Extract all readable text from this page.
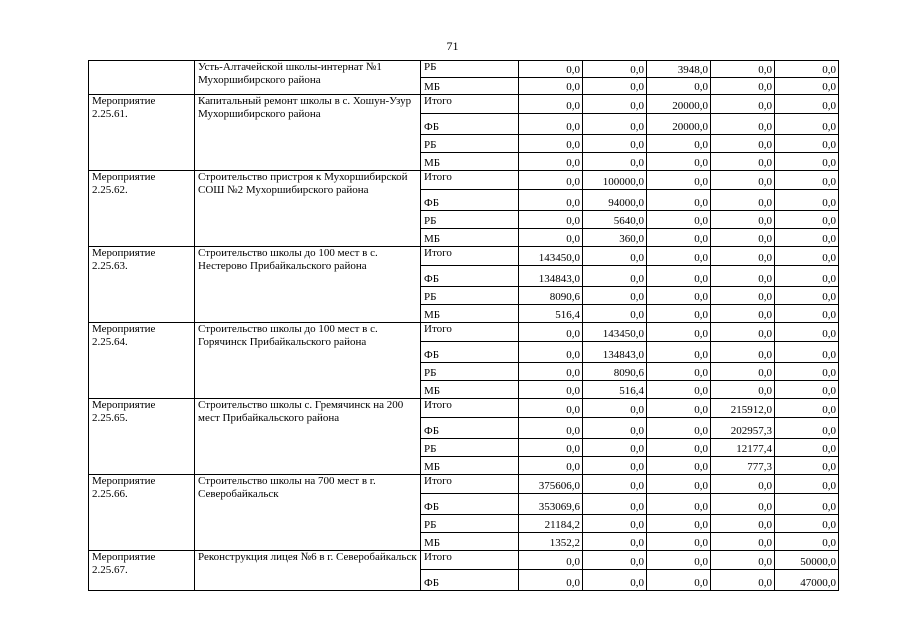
71
	Усть-Алтачейской школы-интернат №1 Мухоршибирского района	РБ	0,0	0,0	3948,0	0,0	0,0
		МБ	0,0	0,0	0,0	0,0	0,0
Мероприятие 2.25.61.	Капитальный ремонт школы в с. Хошун-Узур Мухоршибирского района	Итого	0,0	0,0	20000,0	0,0	0,0
		ФБ	0,0	0,0	20000,0	0,0	0,0
		РБ	0,0	0,0	0,0	0,0	0,0
		МБ	0,0	0,0	0,0	0,0	0,0
Мероприятие 2.25.62.	Строительство пристроя к Мухоршибирской СОШ №2 Мухоршибирского района	Итого	0,0	100000,0	0,0	0,0	0,0
		ФБ	0,0	94000,0	0,0	0,0	0,0
		РБ	0,0	5640,0	0,0	0,0	0,0
		МБ	0,0	360,0	0,0	0,0	0,0
Мероприятие 2.25.63.	Строительство школы до 100 мест в с. Нестерово Прибайкальского района	Итого	143450,0	0,0	0,0	0,0	0,0
		ФБ	134843,0	0,0	0,0	0,0	0,0
		РБ	8090,6	0,0	0,0	0,0	0,0
		МБ	516,4	0,0	0,0	0,0	0,0
Мероприятие 2.25.64.	Строительство школы до 100 мест в с. Горячинск Прибайкальского района	Итого	0,0	143450,0	0,0	0,0	0,0
		ФБ	0,0	134843,0	0,0	0,0	0,0
		РБ	0,0	8090,6	0,0	0,0	0,0
		МБ	0,0	516,4	0,0	0,0	0,0
Мероприятие 2.25.65.	Строительство школы с. Гремячинск на 200 мест Прибайкальского района	Итого	0,0	0,0	0,0	215912,0	0,0
		ФБ	0,0	0,0	0,0	202957,3	0,0
		РБ	0,0	0,0	0,0	12177,4	0,0
		МБ	0,0	0,0	0,0	777,3	0,0
Мероприятие 2.25.66.	Строительство школы на 700 мест в г. Северобайкальск	Итого	375606,0	0,0	0,0	0,0	0,0
		ФБ	353069,6	0,0	0,0	0,0	0,0
		РБ	21184,2	0,0	0,0	0,0	0,0
		МБ	1352,2	0,0	0,0	0,0	0,0
Мероприятие 2.25.67.	Реконструкция лицея №6 в г. Северобайкальск	Итого	0,0	0,0	0,0	0,0	50000,0
		ФБ	0,0	0,0	0,0	0,0	47000,0
